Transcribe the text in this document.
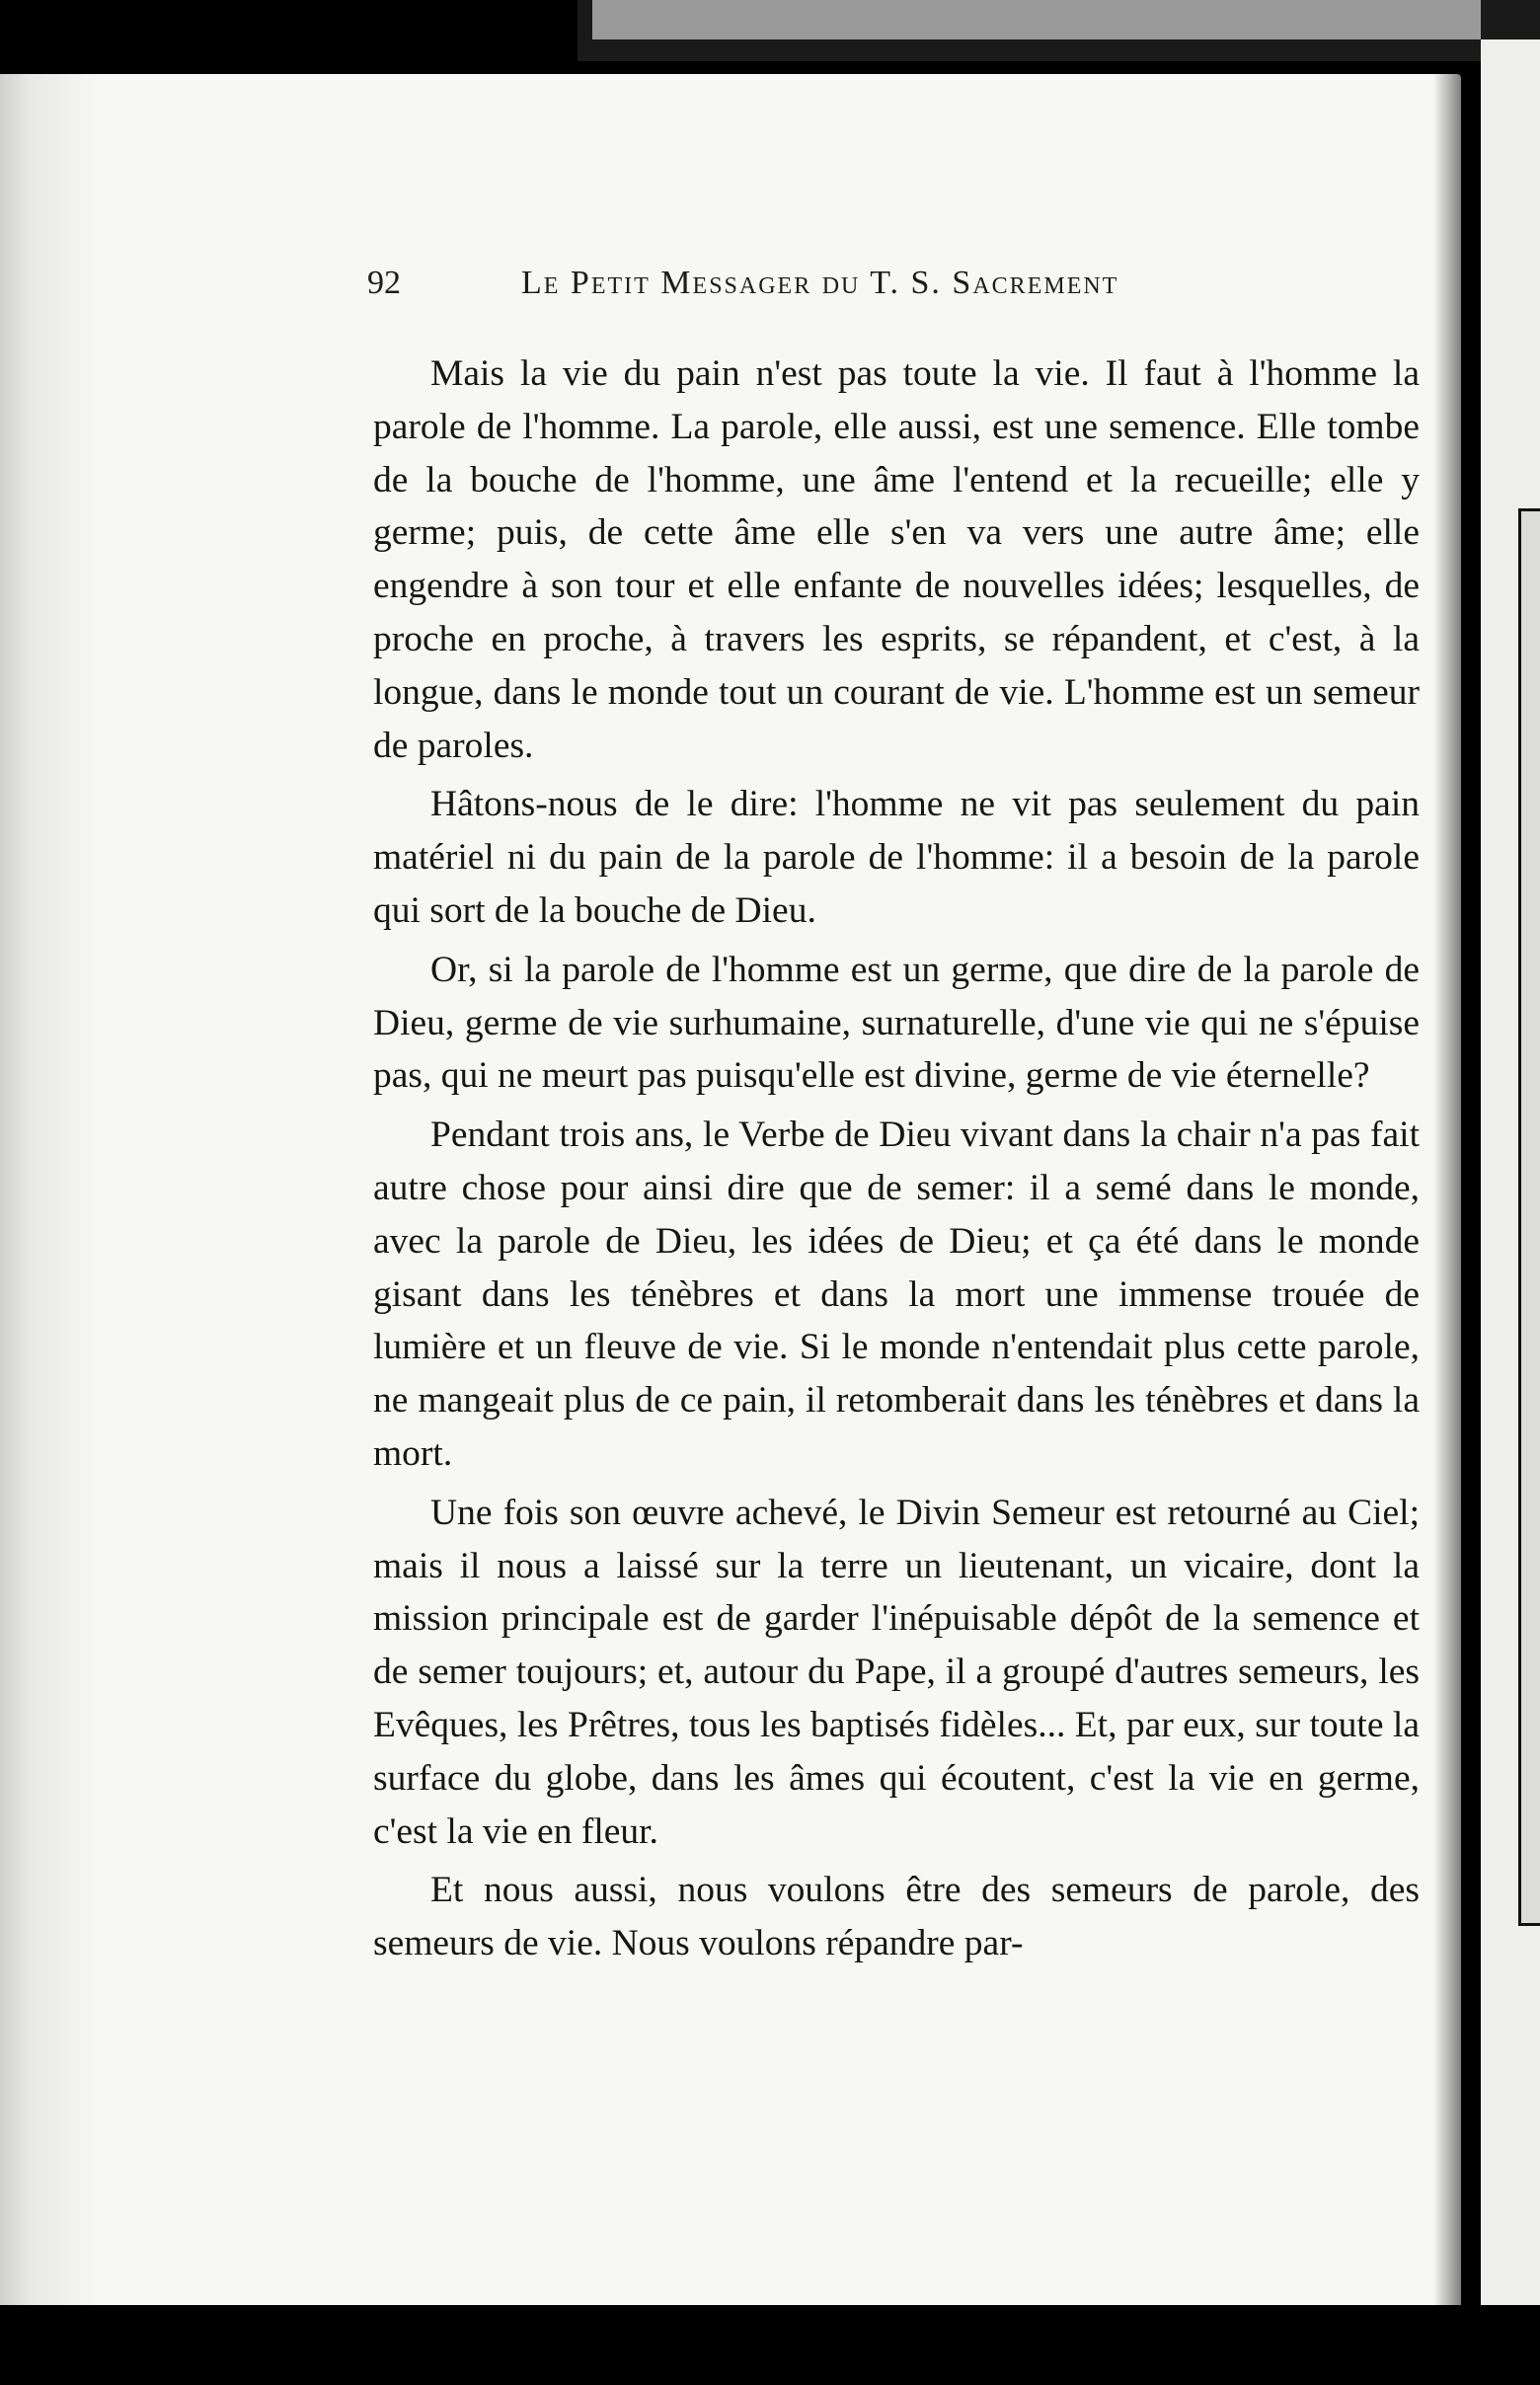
92	Le Petit Messager du T. S. Sacrement

Mais la vie du pain n'est pas toute la vie. Il faut à l'homme la parole de l'homme. La parole, elle aussi, est une semence. Elle tombe de la bouche de l'homme, une âme l'entend et la recueille; elle y germe; puis, de cette âme elle s'en va vers une autre âme; elle engendre à son tour et elle enfante de nouvelles idées; lesquelles, de proche en proche, à travers les esprits, se répandent, et c'est, à la longue, dans le monde tout un courant de vie. L'homme est un semeur de paroles.

Hâtons-nous de le dire: l'homme ne vit pas seulement du pain matériel ni du pain de la parole de l'homme: il a besoin de la parole qui sort de la bouche de Dieu.

Or, si la parole de l'homme est un germe, que dire de la parole de Dieu, germe de vie surhumaine, surnaturelle, d'une vie qui ne s'épuise pas, qui ne meurt pas puisqu'elle est divine, germe de vie éternelle?

Pendant trois ans, le Verbe de Dieu vivant dans la chair n'a pas fait autre chose pour ainsi dire que de semer: il a semé dans le monde, avec la parole de Dieu, les idées de Dieu; et ça été dans le monde gisant dans les ténèbres et dans la mort une immense trouée de lumière et un fleuve de vie. Si le monde n'entendait plus cette parole, ne mangeait plus de ce pain, il retomberait dans les ténèbres et dans la mort.

Une fois son œuvre achevé, le Divin Semeur est retourné au Ciel; mais il nous a laissé sur la terre un lieutenant, un vicaire, dont la mission principale est de garder l'inépuisable dépôt de la semence et de semer toujours; et, autour du Pape, il a groupé d'autres semeurs, les Evêques, les Prêtres, tous les baptisés fidèles... Et, par eux, sur toute la surface du globe, dans les âmes qui écoutent, c'est la vie en germe, c'est la vie en fleur.

Et nous aussi, nous voulons être des semeurs de parole, des semeurs de vie. Nous voulons répandre par-
